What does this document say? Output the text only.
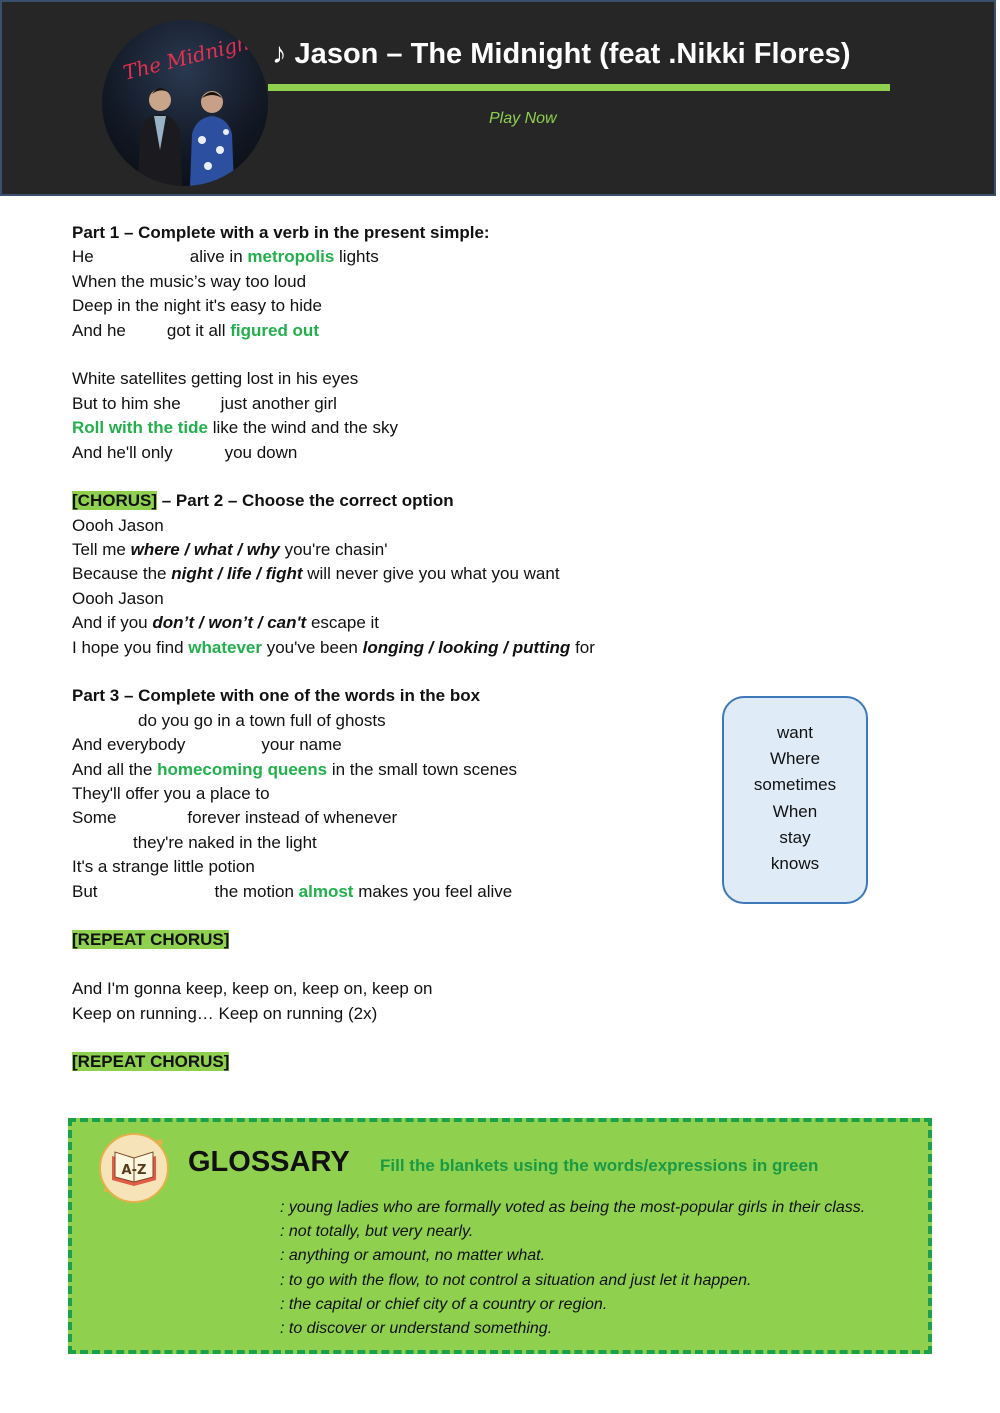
The Midnight ♪ Jason – The Midnight (feat .Nikki Flores)
Play Now
Part 1 – Complete with a verb in the present simple:
He	alive in metropolis lights
When the music’s way too loud
Deep in the night it's easy to hide
And he got it all figured out
White satellites getting lost in his eyes
But to him she just another girl
Roll with the tide like the wind and the sky
And he'll only	you down
[CHORUS] – Part 2 – Choose the correct option
Oooh Jason
Tell me where / what / why you're chasin'
Because the night / life / fight will never give you what you want
Oooh Jason
And if you don’t / won’t / can't escape it
I hope you find whatever you've been longing / looking / putting for
Part 3 – Complete with one of the words in the box
do you go in a town full of ghosts
And everybody	your name
And all the homecoming queens in the small town scenes
They'll offer you a place to
Some	forever instead of whenever
they're naked in the light
It's a strange little potion
But	the motion almost makes you feel alive
[REPEAT CHORUS]
And I'm gonna keep, keep on, keep on, keep on
Keep on running… Keep on running (2x)
[REPEAT CHORUS]
want
Where
sometimes
When
stay
knows
A-Z GLOSSARY Fill the blankets using the words/expressions in green
: young ladies who are formally voted as being the most-popular girls in their class.
: not totally, but very nearly.
: anything or amount, no matter what.
: to go with the flow, to not control a situation and just let it happen.
: the capital or chief city of a country or region.
: to discover or understand something.
